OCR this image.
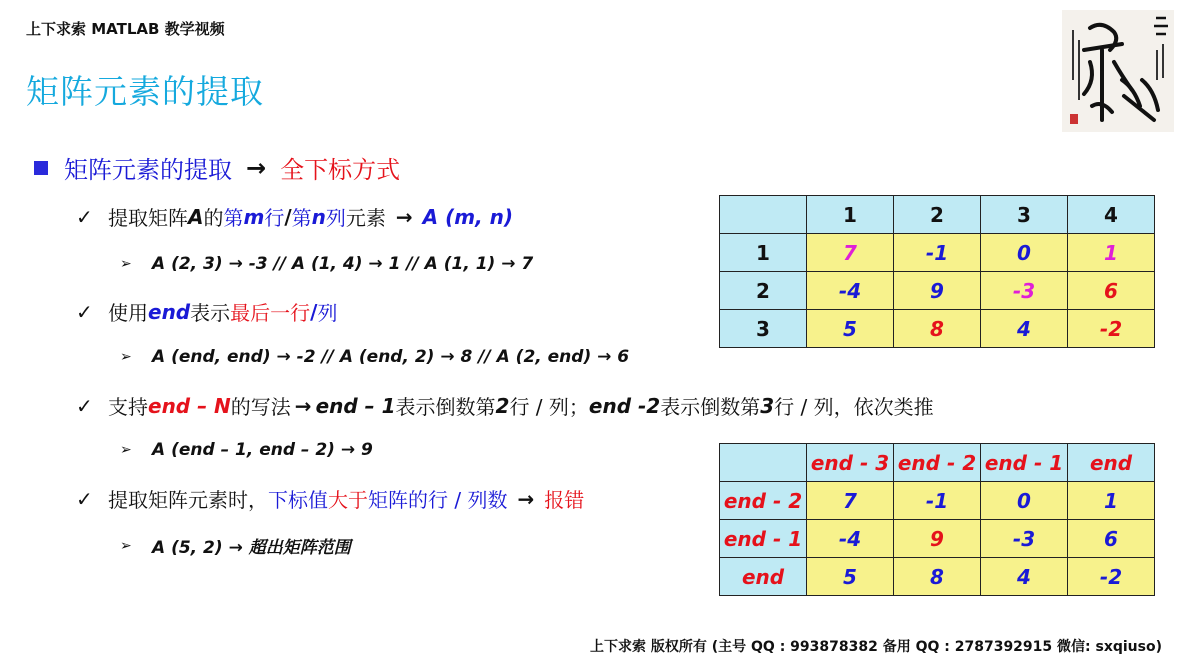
上下求索 MATLAB 教学视频
矩阵元素的提取
矩阵元素的提取 → 全下标方式
✓ 提取矩阵 A 的 第 m 行 / 第 n 列 元素 → A (m, n)
➢	A (2, 3) → -3 // A (1, 4) → 1 // A (1, 1) → 7
✓ 使用 end 表示 最后一行 / 列
➢	A (end, end) → -2 // A (end, 2) → 8 // A (2, end) → 6
✓ 支持 end – N 的写法 → end – 1 表示倒数第 2 行 / 列； end -2 表示倒数第 3 行 / 列，依次类推
➢	A (end – 1, end – 2) → 9
✓ 提取矩阵元素时， 下标值 大于 矩阵的行 / 列数 → 报错
➢	A (5, 2) → 超出矩阵范围
	1	2	3	4
1	7	-1	0	1
2	-4	9	-3	6
3	5	8	4	-2
	end - 3	end - 2	end - 1	end
end - 2	7	-1	0	1
end - 1	-4	9	-3	6
end	5	8	4	-2
上下求索 版权所有 (主号 QQ : 993878382 备用 QQ : 2787392915 微信: sxqiuso)
